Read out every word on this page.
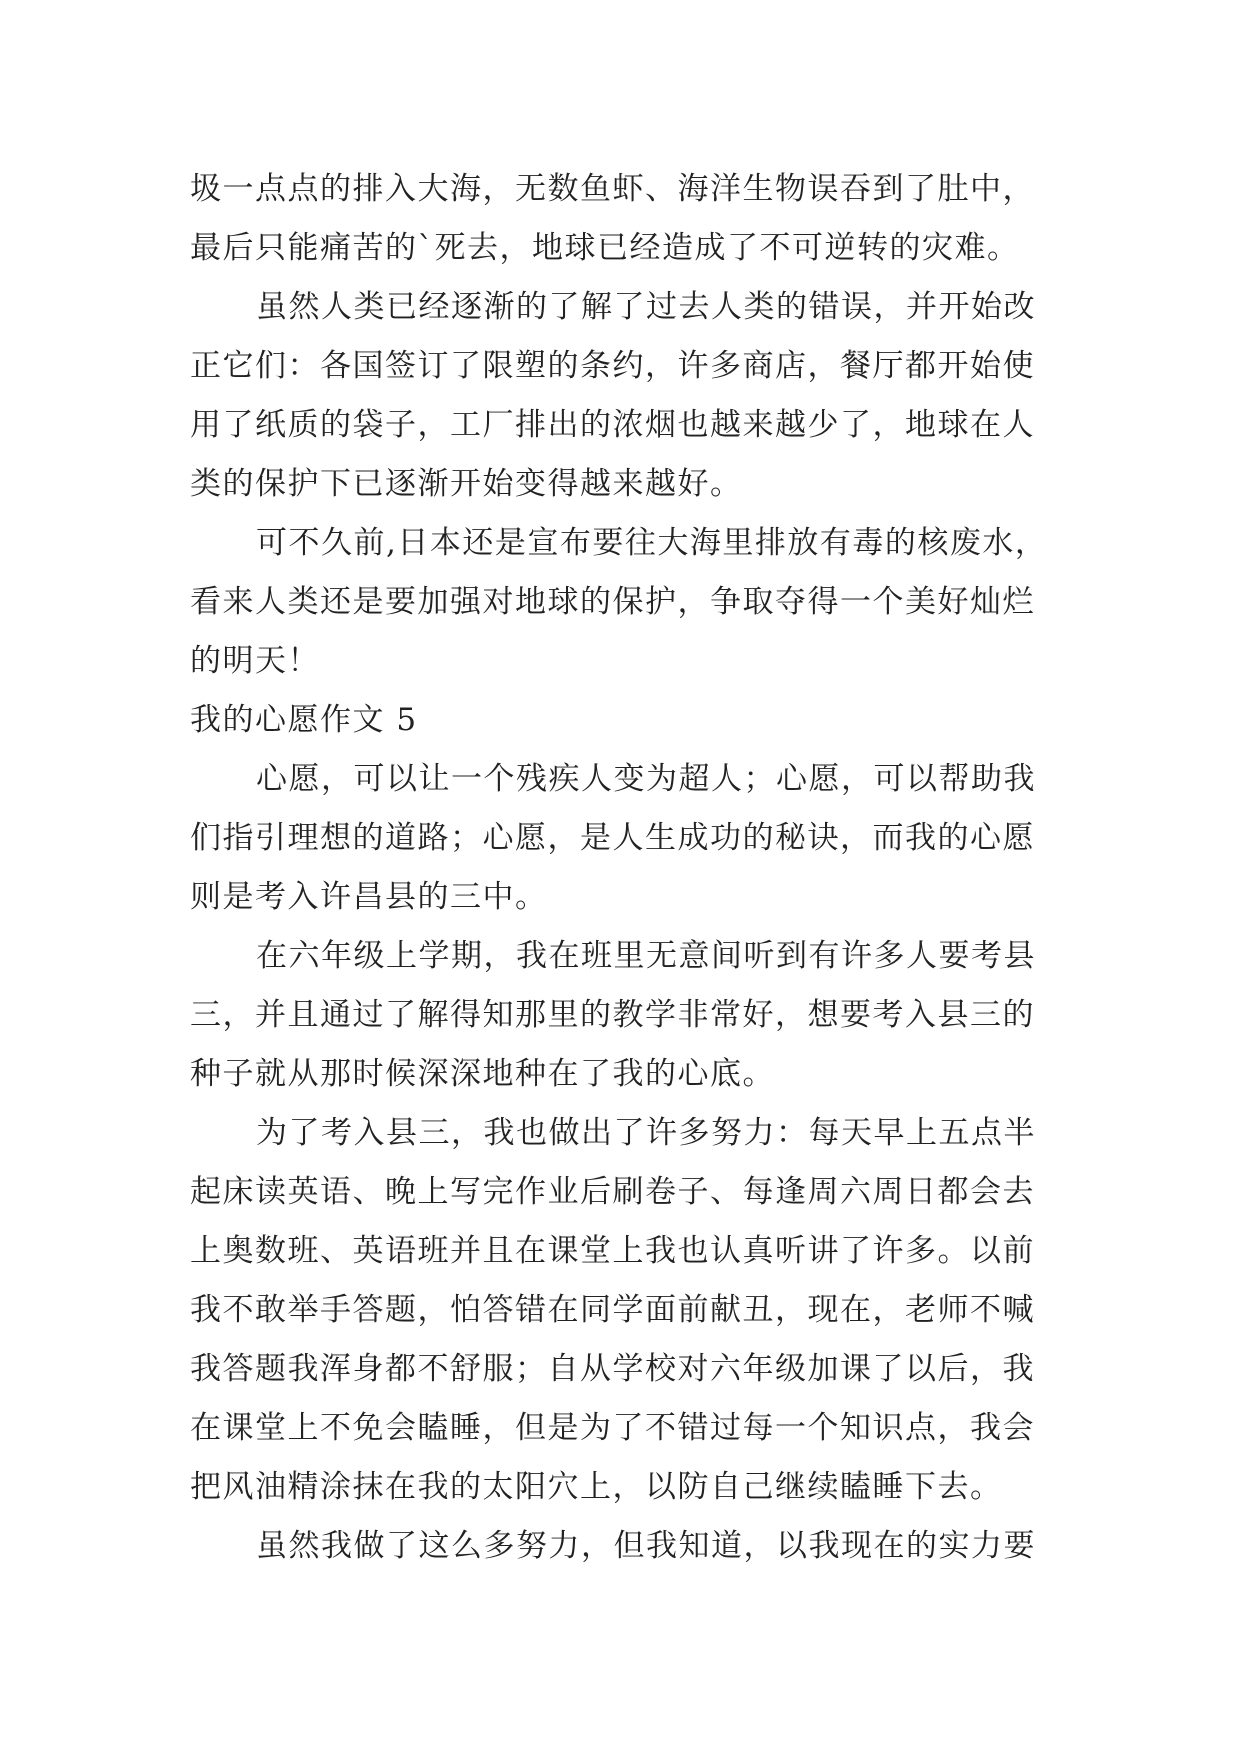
圾一点点的排入大海，无数鱼虾、海洋生物误吞到了肚中，
最后只能痛苦的`死去，地球已经造成了不可逆转的灾难。
虽然人类已经逐渐的了解了过去人类的错误，并开始改
正它们：各国签订了限塑的条约，许多商店，餐厅都开始使
用了纸质的袋子，工厂排出的浓烟也越来越少了，地球在人
类的保护下已逐渐开始变得越来越好。
可不久前,日本还是宣布要往大海里排放有毒的核废水，
看来人类还是要加强对地球的保护，争取夺得一个美好灿烂
的明天！
我的心愿作文 5
心愿，可以让一个残疾人变为超人；心愿，可以帮助我
们指引理想的道路；心愿，是人生成功的秘诀，而我的心愿
则是考入许昌县的三中。
在六年级上学期，我在班里无意间听到有许多人要考县
三，并且通过了解得知那里的教学非常好，想要考入县三的
种子就从那时候深深地种在了我的心底。
为了考入县三，我也做出了许多努力：每天早上五点半
起床读英语、晚上写完作业后刷卷子、每逢周六周日都会去
上奥数班、英语班并且在课堂上我也认真听讲了许多。以前
我不敢举手答题，怕答错在同学面前献丑，现在，老师不喊
我答题我浑身都不舒服；自从学校对六年级加课了以后，我
在课堂上不免会瞌睡，但是为了不错过每一个知识点，我会
把风油精涂抹在我的太阳穴上，以防自己继续瞌睡下去。
虽然我做了这么多努力，但我知道，以我现在的实力要
